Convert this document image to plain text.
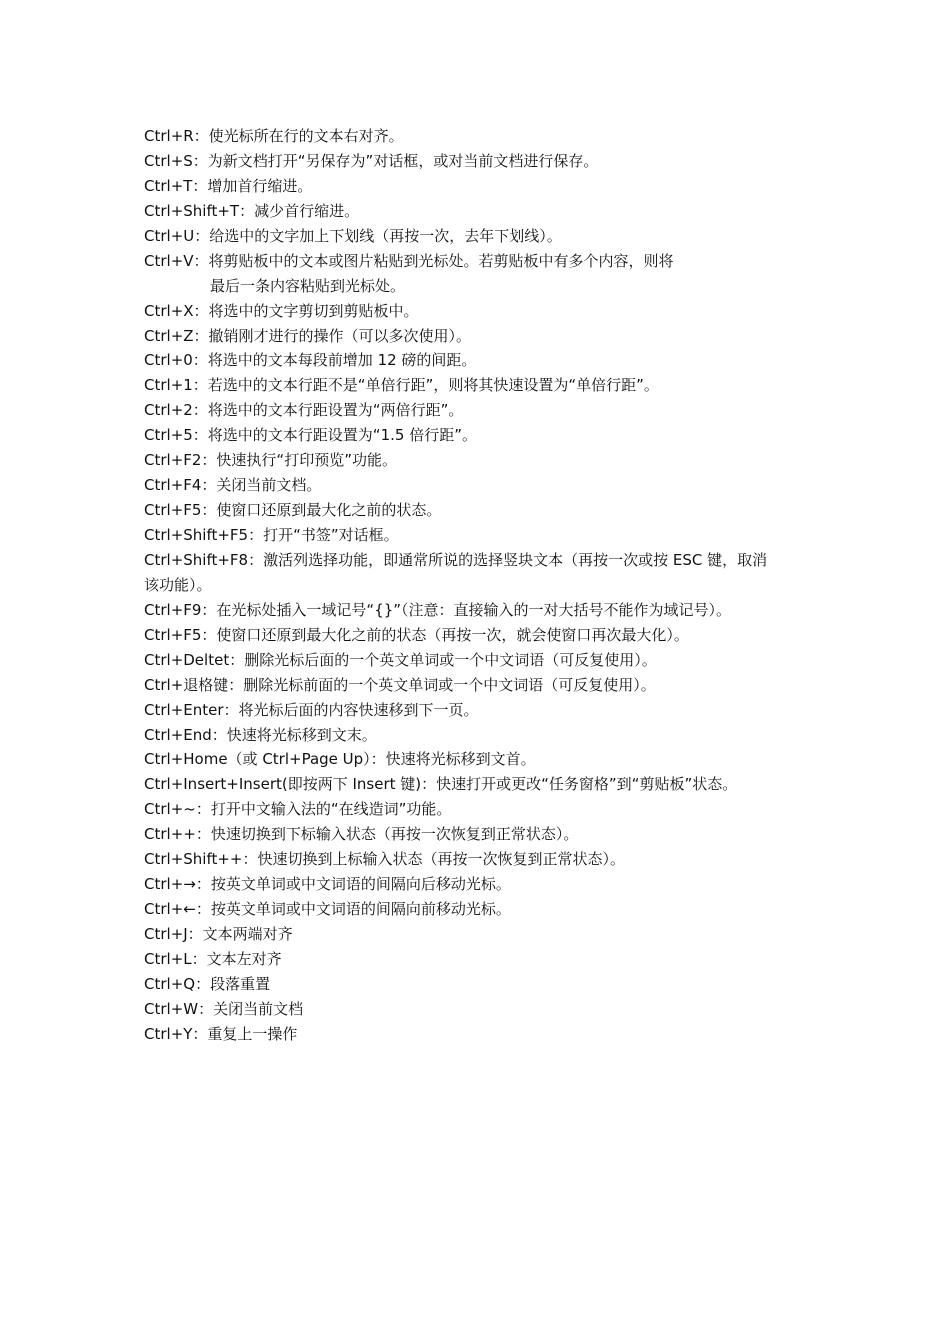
Ctrl+R：使光标所在行的文本右对齐。
Ctrl+S：为新文档打开“另保存为”对话框，或对当前文档进行保存。
Ctrl+T：增加首行缩进。
Ctrl+Shift+T：减少首行缩进。
Ctrl+U：给选中的文字加上下划线（再按一次，去年下划线）。
Ctrl+V：将剪贴板中的文本或图片粘贴到光标处。若剪贴板中有多个内容，则将
最后一条内容粘贴到光标处。
Ctrl+X：将选中的文字剪切到剪贴板中。
Ctrl+Z：撤销刚才进行的操作（可以多次使用）。
Ctrl+0：将选中的文本每段前增加 12 磅的间距。
Ctrl+1：若选中的文本行距不是“单倍行距”，则将其快速设置为“单倍行距”。
Ctrl+2：将选中的文本行距设置为“两倍行距”。
Ctrl+5：将选中的文本行距设置为“1.5 倍行距”。
Ctrl+F2：快速执行“打印预览”功能。
Ctrl+F4：关闭当前文档。
Ctrl+F5：使窗口还原到最大化之前的状态。
Ctrl+Shift+F5：打开“书签”对话框。
Ctrl+Shift+F8：激活列选择功能，即通常所说的选择竖块文本（再按一次或按 ESC 键，取消
该功能）。
Ctrl+F9：在光标处插入一域记号“{}”（注意：直接输入的一对大括号不能作为域记号）。
Ctrl+F5：使窗口还原到最大化之前的状态（再按一次，就会使窗口再次最大化）。
Ctrl+Deltet：删除光标后面的一个英文单词或一个中文词语（可反复使用）。
Ctrl+退格键：删除光标前面的一个英文单词或一个中文词语（可反复使用）。
Ctrl+Enter：将光标后面的内容快速移到下一页。
Ctrl+End：快速将光标移到文末。
Ctrl+Home（或 Ctrl+Page Up）：快速将光标移到文首。
Ctrl+Insert+Insert(即按两下 Insert 键)：快速打开或更改“任务窗格”到“剪贴板”状态。
Ctrl+~：打开中文输入法的“在线造词”功能。
Ctrl++：快速切换到下标输入状态（再按一次恢复到正常状态）。
Ctrl+Shift++：快速切换到上标输入状态（再按一次恢复到正常状态）。
Ctrl+→：按英文单词或中文词语的间隔向后移动光标。
Ctrl+←：按英文单词或中文词语的间隔向前移动光标。
Ctrl+J：文本两端对齐
Ctrl+L：文本左对齐
Ctrl+Q：段落重置
Ctrl+W：关闭当前文档
Ctrl+Y：重复上一操作
